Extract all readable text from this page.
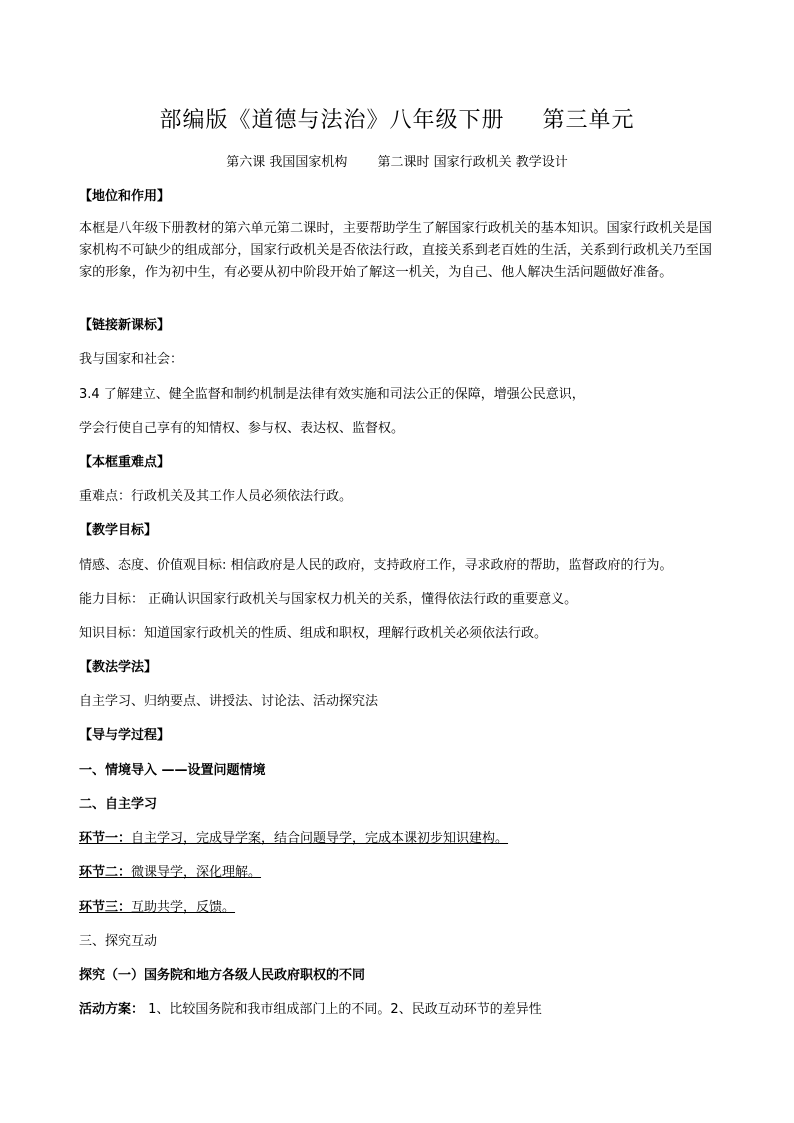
部编版《道德与法治》八年级下册 第三单元
第六课 我国国家机构 第二课时 国家行政机关 教学设计
【地位和作用】
本框是八年级下册教材的第六单元第二课时，主要帮助学生了解国家行政机关的基本知识。国家行政机关是国家机构不可缺少的组成部分，国家行政机关是否依法行政，直接关系到老百姓的生活，关系到行政机关乃至国家的形象，作为初中生，有必要从初中阶段开始了解这一机关，为自己、他人解决生活问题做好准备。
【链接新课标】
我与国家和社会：
3.4 了解建立、健全监督和制约机制是法律有效实施和司法公正的保障，增强公民意识，
学会行使自己享有的知情权、参与权、表达权、监督权。
【本框重难点】
重难点：行政机关及其工作人员必须依法行政。
【教学目标】
情感、态度、价值观目标: 相信政府是人民的政府，支持政府工作，寻求政府的帮助，监督政府的行为。
能力目标： 正确认识国家行政机关与国家权力机关的关系，懂得依法行政的重要意义。
知识目标：知道国家行政机关的性质、组成和职权，理解行政机关必须依法行政。
【教法学法】
自主学习、归纳要点、讲授法、讨论法、活动探究法
【导与学过程】
一、情境导入 ——设置问题情境
二、自主学习
环节一：自主学习，完成导学案，结合问题导学，完成本课初步知识建构。
环节二：微课导学，深化理解。
环节三：互助共学，反馈。
三、探究互动
探究（一）国务院和地方各级人民政府职权的不同
活动方案： 1、比较国务院和我市组成部门上的不同。2、民政互动环节的差异性
